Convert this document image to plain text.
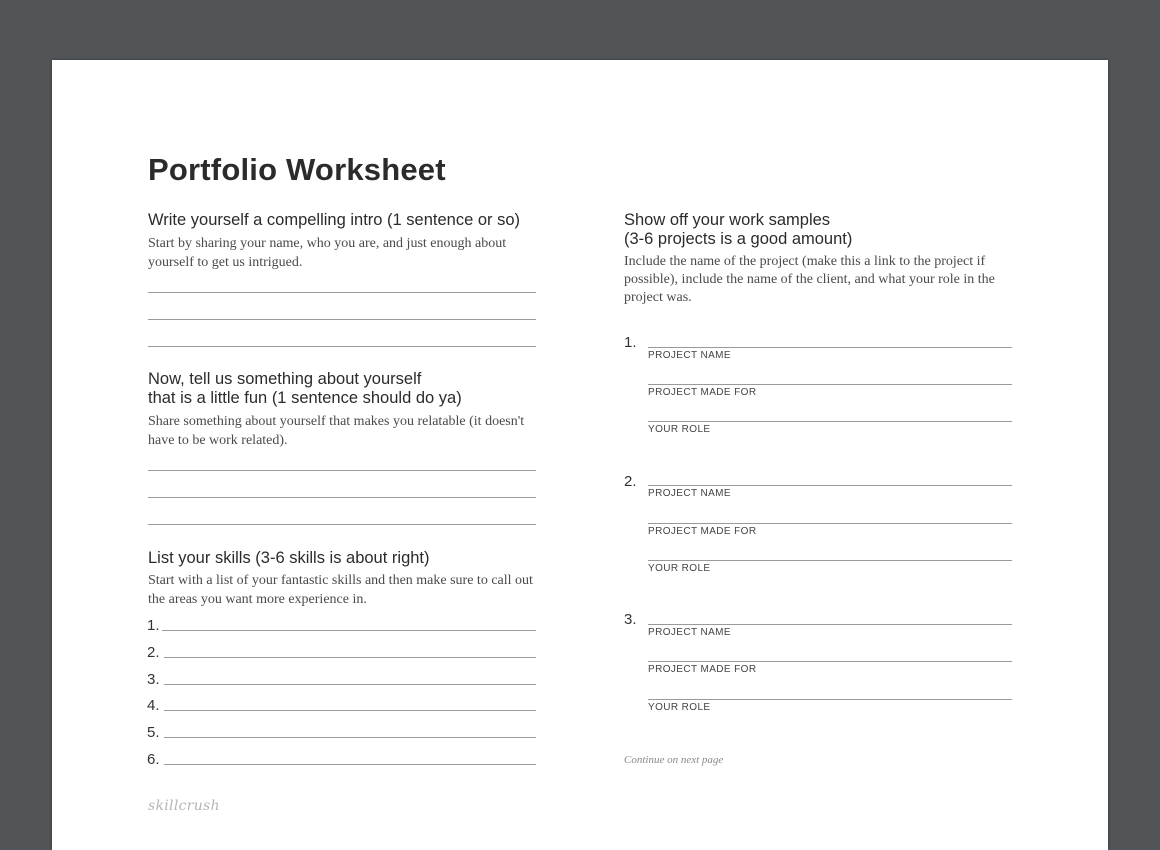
Portfolio Worksheet
Write yourself a compelling intro (1 sentence or so)
Start by sharing your name, who you are, and just enough about yourself to get us intrigued.
Now, tell us something about yourself
that is a little fun (1 sentence should do ya)
Share something about yourself that makes you relatable (it doesn't have to be work related).
List your skills (3-6 skills is about right)
Start with a list of your fantastic skills and then make sure to call out the areas you want more experience in.
1.
2.
3.
4.
5.
6.
Show off your work samples
(3-6 projects is a good amount)
Include the name of the project (make this a link to the project if possible), include the name of the client, and what your role in the project was.
1.
PROJECT NAME
PROJECT MADE FOR
YOUR ROLE
2.
PROJECT NAME
PROJECT MADE FOR
YOUR ROLE
3.
PROJECT NAME
PROJECT MADE FOR
YOUR ROLE
Continue on next page
skillcrush
